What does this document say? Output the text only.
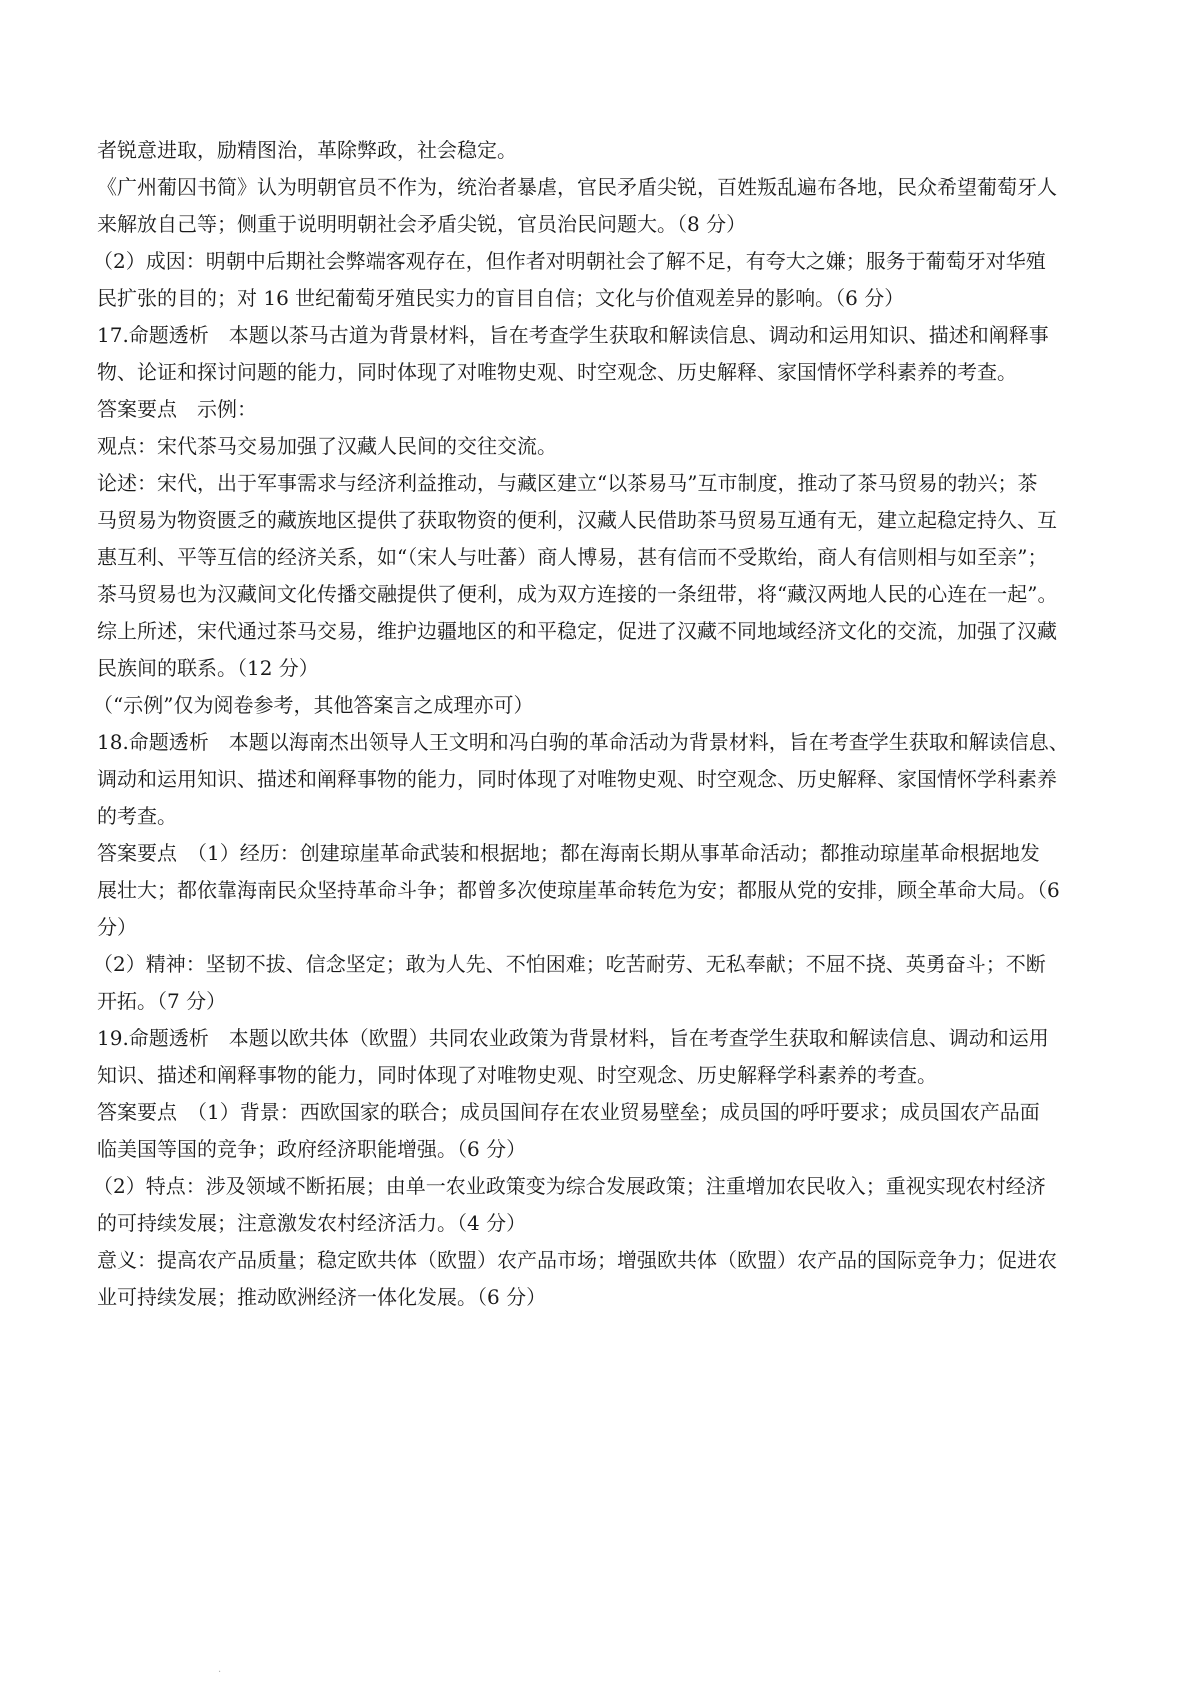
者锐意进取，励精图治，革除弊政，社会稳定。
《广州葡囚书简》认为明朝官员不作为，统治者暴虐，官民矛盾尖锐，百姓叛乱遍布各地，民众希望葡萄牙人
来解放自己等；侧重于说明明朝社会矛盾尖锐，官员治民问题大。（8 分）
（2）成因：明朝中后期社会弊端客观存在，但作者对明朝社会了解不足，有夸大之嫌；服务于葡萄牙对华殖
民扩张的目的；对 16 世纪葡萄牙殖民实力的盲目自信；文化与价值观差异的影响。（6 分）
17.命题透析　本题以茶马古道为背景材料，旨在考查学生获取和解读信息、调动和运用知识、描述和阐释事
物、论证和探讨问题的能力，同时体现了对唯物史观、时空观念、历史解释、家国情怀学科素养的考查。
答案要点　示例：
观点：宋代茶马交易加强了汉藏人民间的交往交流。
论述：宋代，出于军事需求与经济利益推动，与藏区建立“以茶易马”互市制度，推动了茶马贸易的勃兴；茶
马贸易为物资匮乏的藏族地区提供了获取物资的便利，汉藏人民借助茶马贸易互通有无，建立起稳定持久、互
惠互利、平等互信的经济关系，如“（宋人与吐蕃）商人博易，甚有信而不受欺绐，商人有信则相与如至亲”；
茶马贸易也为汉藏间文化传播交融提供了便利，成为双方连接的一条纽带，将“藏汉两地人民的心连在一起”。
综上所述，宋代通过茶马交易，维护边疆地区的和平稳定，促进了汉藏不同地域经济文化的交流，加强了汉藏
民族间的联系。（12 分）
（“示例”仅为阅卷参考，其他答案言之成理亦可）
18.命题透析　本题以海南杰出领导人王文明和冯白驹的革命活动为背景材料，旨在考查学生获取和解读信息、
调动和运用知识、描述和阐释事物的能力，同时体现了对唯物史观、时空观念、历史解释、家国情怀学科素养
的考查。
答案要点　（1）经历：创建琼崖革命武装和根据地；都在海南长期从事革命活动；都推动琼崖革命根据地发
展壮大；都依靠海南民众坚持革命斗争；都曾多次使琼崖革命转危为安；都服从党的安排，顾全革命大局。（6
分）
（2）精神：坚韧不拔、信念坚定；敢为人先、不怕困难；吃苦耐劳、无私奉献；不屈不挠、英勇奋斗；不断
开拓。（7 分）
19.命题透析　本题以欧共体（欧盟）共同农业政策为背景材料，旨在考查学生获取和解读信息、调动和运用
知识、描述和阐释事物的能力，同时体现了对唯物史观、时空观念、历史解释学科素养的考查。
答案要点　（1）背景：西欧国家的联合；成员国间存在农业贸易壁垒；成员国的呼吁要求；成员国农产品面
临美国等国的竞争；政府经济职能增强。（6 分）
（2）特点：涉及领域不断拓展；由单一农业政策变为综合发展政策；注重增加农民收入；重视实现农村经济
的可持续发展；注意激发农村经济活力。（4 分）
意义：提高农产品质量；稳定欧共体（欧盟）农产品市场；增强欧共体（欧盟）农产品的国际竞争力；促进农
业可持续发展；推动欧洲经济一体化发展。（6 分）
·
